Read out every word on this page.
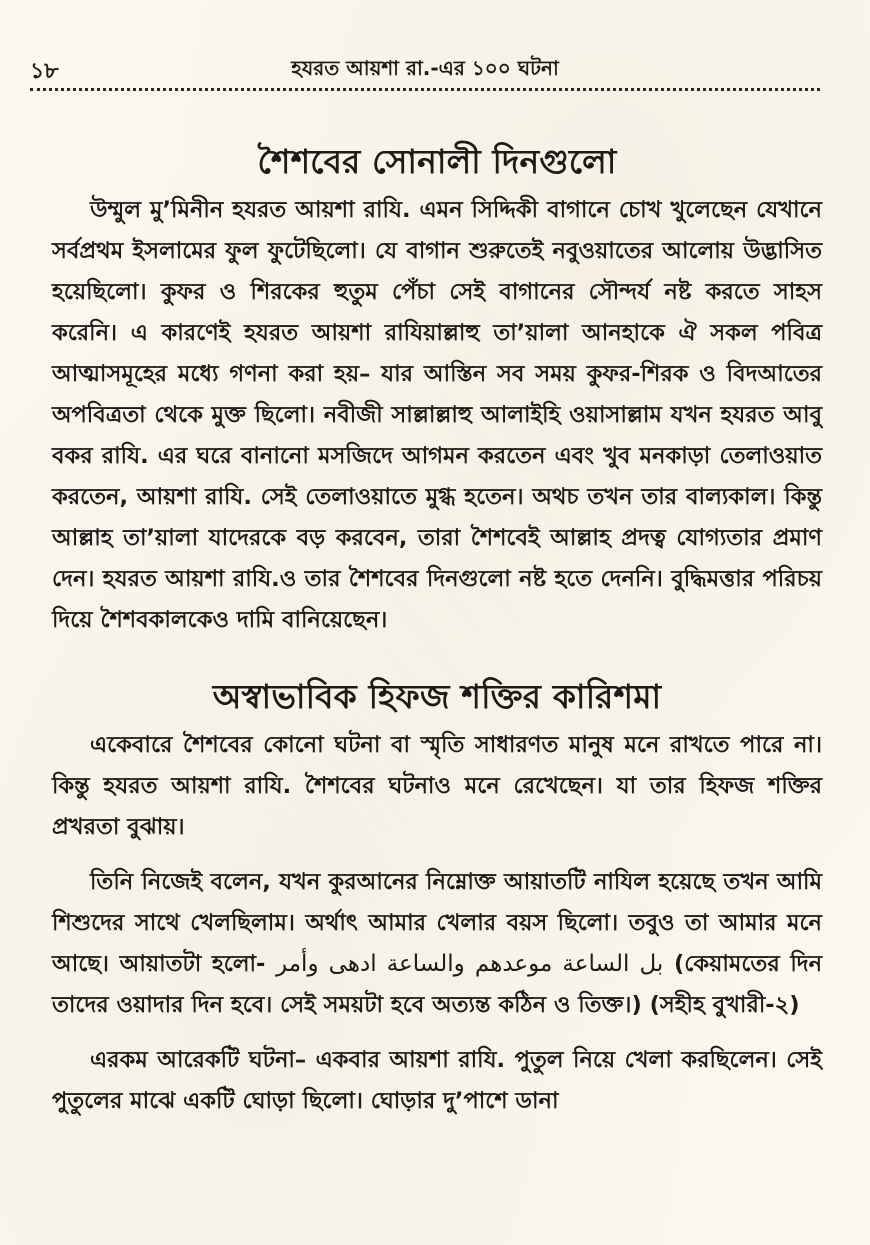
১৮	হযরত আয়শা রা.-এর ১০০ ঘটনা
শৈশবের সোনালী দিনগুলো

উম্মুল মু’মিনীন হযরত আয়শা রাযি. এমন সিদ্দিকী বাগানে চোখ খুলেছেন যেখানে সর্বপ্রথম ইসলামের ফুল ফুটেছিলো। যে বাগান শুরুতেই নবুওয়াতের আলোয় উদ্ভাসিত হয়েছিলো। কুফর ও শিরকের হুতুম পেঁচা সেই বাগানের সৌন্দর্য নষ্ট করতে সাহস করেনি। এ কারণেই হযরত আয়শা রাযিয়াল্লাহু তা’য়ালা আনহাকে ঐ সকল পবিত্র আত্মাসমূহের মধ্যে গণনা করা হয়– যার আস্তিন সব সময় কুফর-শিরক ও বিদআতের অপবিত্রতা থেকে মুক্ত ছিলো। নবীজী সাল্লাল্লাহু আলাইহি ওয়াসাল্লাম যখন হযরত আবু বকর রাযি. এর ঘরে বানানো মসজিদে আগমন করতেন এবং খুব মনকাড়া তেলাওয়াত করতেন, আয়শা রাযি. সেই তেলাওয়াতে মুগ্ধ হতেন। অথচ তখন তার বাল্যকাল। কিন্তু আল্লাহ তা’য়ালা যাদেরকে বড় করবেন, তারা শৈশবেই আল্লাহ প্রদত্ব যোগ্যতার প্রমাণ দেন। হযরত আয়শা রাযি.ও তার শৈশবের দিনগুলো নষ্ট হতে দেননি। বুদ্ধিমত্তার পরিচয় দিয়ে শৈশবকালকেও দামি বানিয়েছেন।

অস্বাভাবিক হিফজ শক্তির কারিশমা

একেবারে শৈশবের কোনো ঘটনা বা স্মৃতি সাধারণত মানুষ মনে রাখতে পারে না। কিন্তু হযরত আয়শা রাযি. শৈশবের ঘটনাও মনে রেখেছেন। যা তার হিফজ শক্তির প্রখরতা বুঝায়।

তিনি নিজেই বলেন, যখন কুরআনের নিম্নোক্ত আয়াতটি নাযিল হয়েছে তখন আমি শিশুদের সাথে খেলছিলাম। অর্থাৎ আমার খেলার বয়স ছিলো। তবুও তা আমার মনে আছে। আয়াতটা হলো- بل الساعة موعدهم والساعة ادهى وأمر (কেয়ামতের দিন তাদের ওয়াদার দিন হবে। সেই সময়টা হবে অত্যন্ত কঠিন ও তিক্ত।) (সহীহ বুখারী-২)

এরকম আরেকটি ঘটনা– একবার আয়শা রাযি. পুতুল নিয়ে খেলা করছিলেন। সেই পুতুলের মাঝে একটি ঘোড়া ছিলো। ঘোড়ার দু’পাশে ডানা
